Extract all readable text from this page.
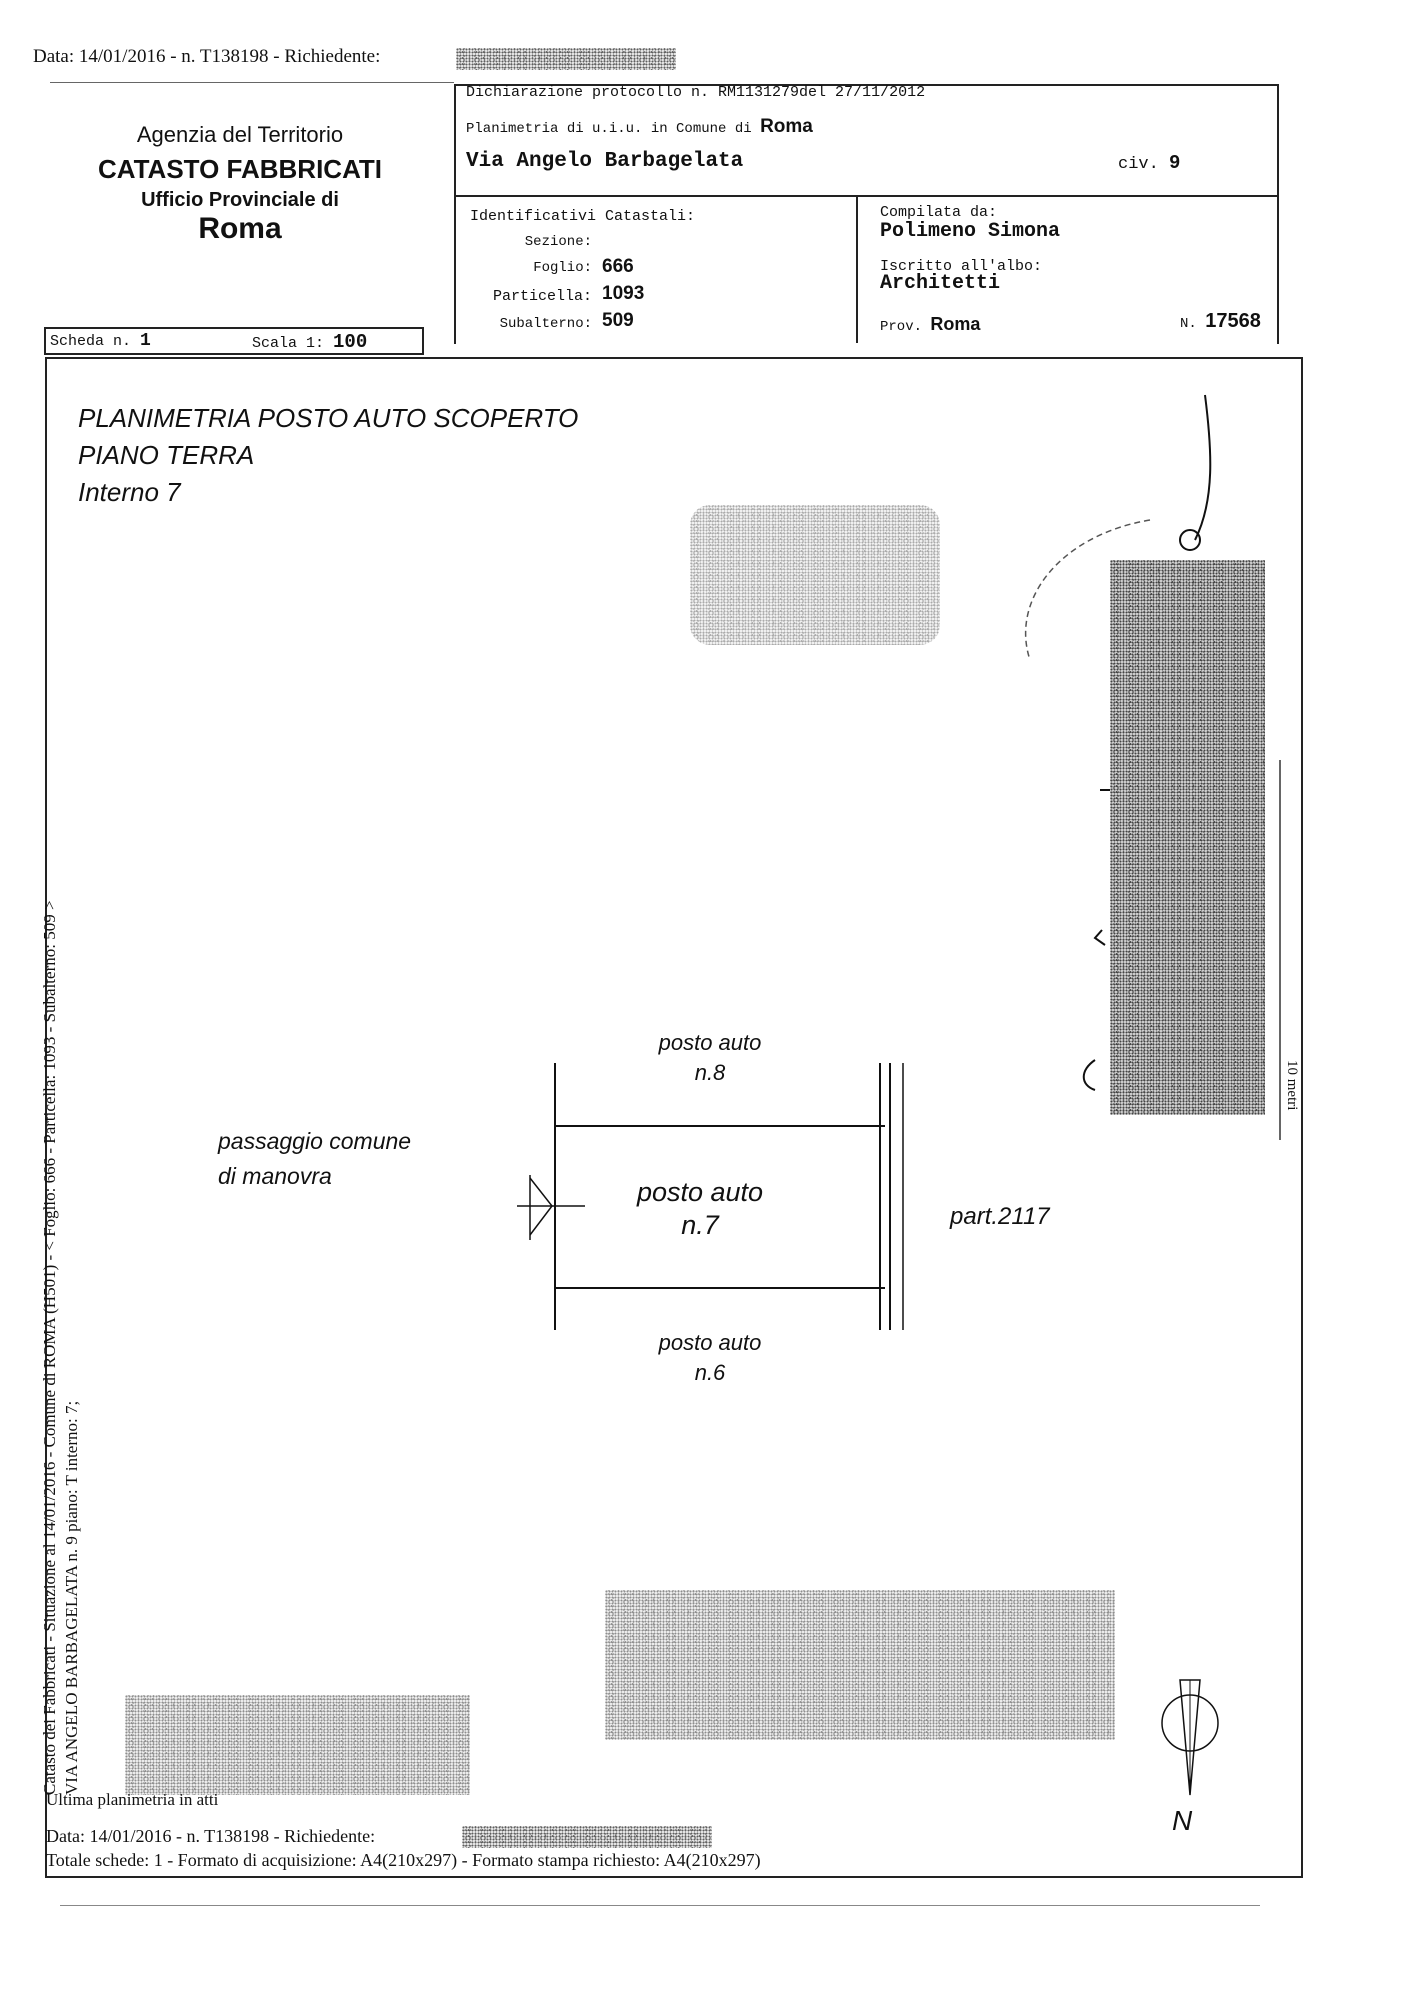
Data: 14/01/2016 - n. T138198 - Richiedente:
Agenzia del Territorio
CATASTO FABBRICATI
Ufficio Provinciale di
Roma
Dichiarazione protocollo n. RM1131279del 27/11/2012
Planimetria di u.i.u. in Comune di Roma
Via Angelo Barbagelata	civ. 9
Identificativi Catastali:
Sezione:
Foglio: 666
Particella: 1093
Subalterno: 509
Compilata da:
Polimeno Simona
Iscritto all'albo:
Architetti
Prov. Roma	N. 17568
Scheda n. 1	Scala 1: 100
PLANIMETRIA POSTO AUTO SCOPERTO
PIANO TERRA
Interno 7
posto auto
n.8
posto auto
n.7
posto auto
n.6
passaggio comune
di manovra
part.2117
N
10 metri
Catasto dei Fabbricati - Situazione al 14/01/2016 - Comune di ROMA (H501) - < Foglio: 666 - Particella: 1093 - Subalterno: 509 > VIA ANGELO BARBAGELATA n. 9 piano: T interno: 7;
Ultima planimetria in atti
Data: 14/01/2016 - n. T138198 - Richiedente:
Totale schede: 1 - Formato di acquisizione: A4(210x297) - Formato stampa richiesto: A4(210x297)
